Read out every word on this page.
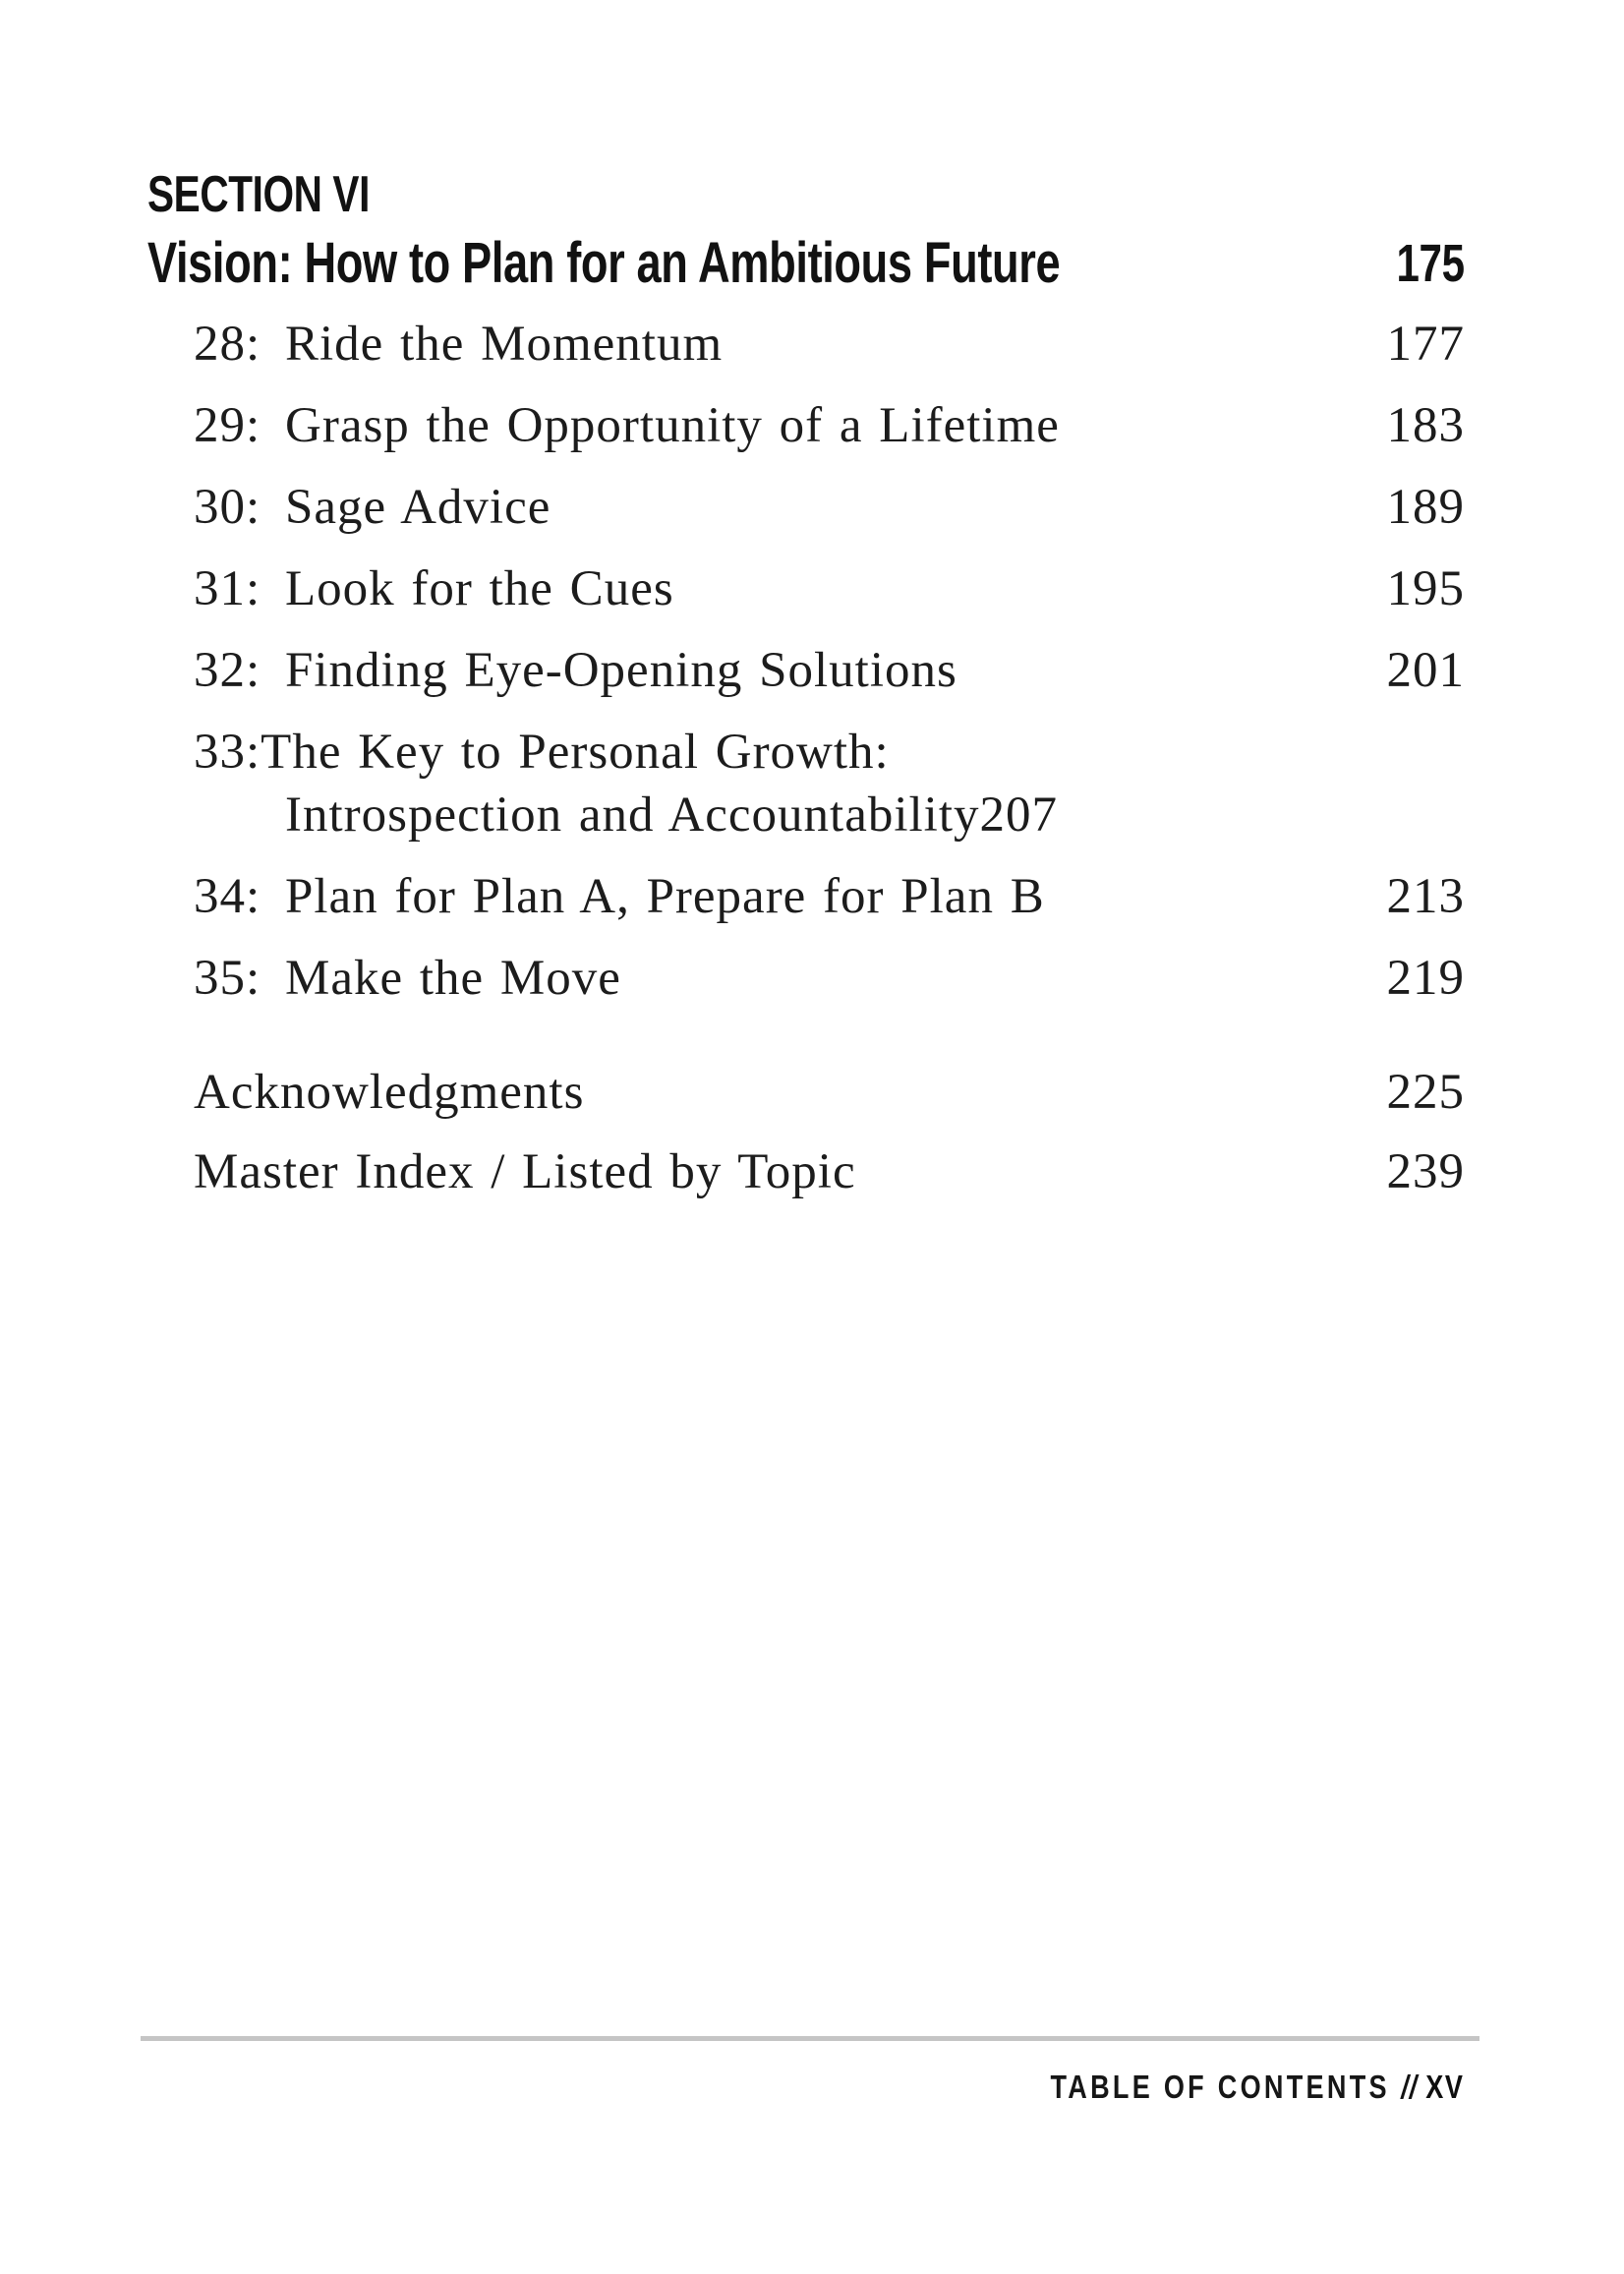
SECTION VI
Vision: How to Plan for an Ambitious Future	175
28: Ride the Momentum	177
29: Grasp the Opportunity of a Lifetime	183
30: Sage Advice	189
31: Look for the Cues	195
32: Finding Eye-Opening Solutions	201
33: The Key to Personal Growth:
Introspection and Accountability 207
34: Plan for Plan A, Prepare for Plan B	213
35: Make the Move	219
Acknowledgments	225
Master Index / Listed by Topic	239
TABLE OF CONTENTS // XV
